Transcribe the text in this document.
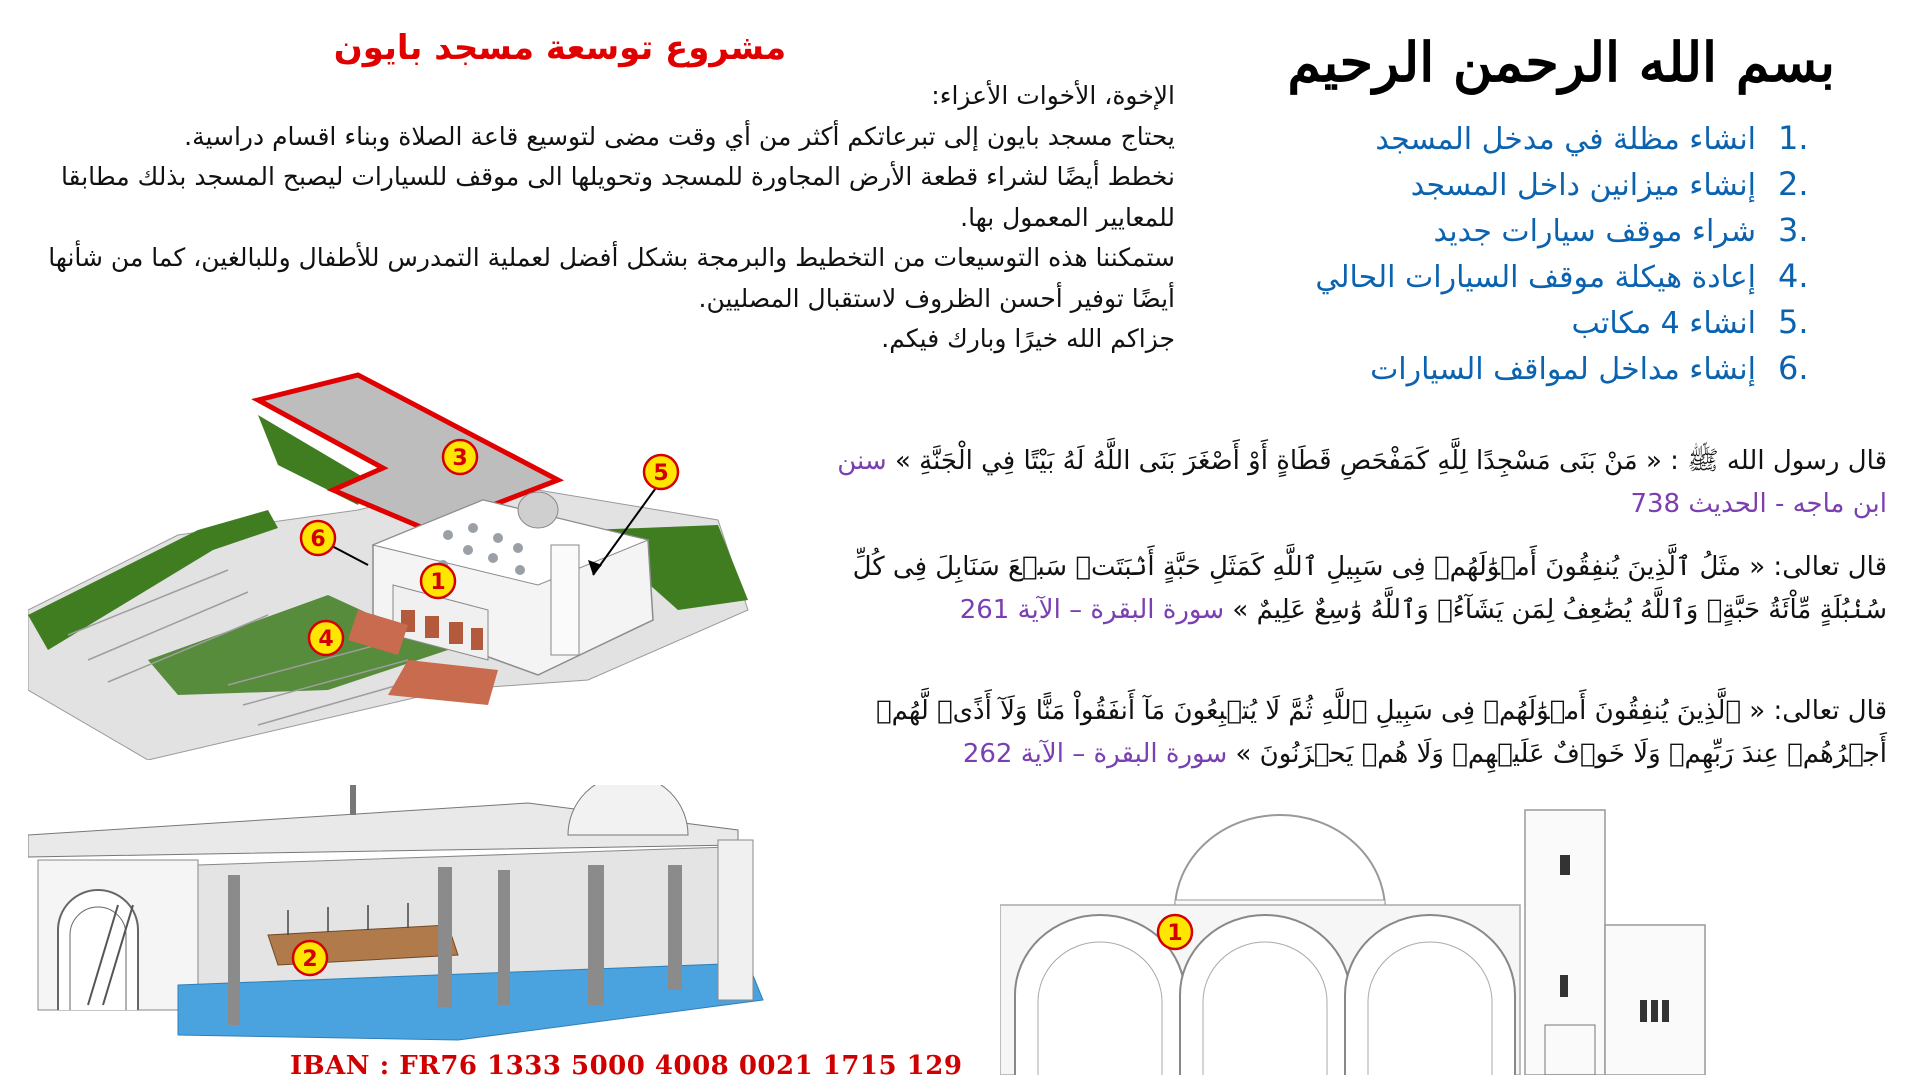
بسم الله الرحمن الرحيم
مشروع توسعة مسجد بايون

الإخوة، الأخوات الأعزاء:

يحتاج مسجد بايون إلى تبرعاتكم أكثر من أي وقت مضى لتوسيع قاعة الصلاة وبناء اقسام دراسية.

نخطط أيضًا لشراء قطعة الأرض المجاورة للمسجد وتحويلها الى موقف للسيارات ليصبح المسجد بذلك مطابقا للمعايير المعمول بها.

ستمكننا هذه التوسيعات من التخطيط والبرمجة بشكل أفضل لعملية التمدرس للأطفال وللبالغين، كما من شأنها أيضًا توفير أحسن الظروف لاستقبال المصليين.

جزاكم الله خيرًا وبارك فيكم.

1.
انشاء مظلة في مدخل المسجد
2.
إنشاء ميزانين داخل المسجد
3.
شراء موقف سيارات جديد
4.
إعادة هيكلة موقف السيارات الحالي
5.
انشاء 4 مكاتب
6.
إنشاء مداخل لمواقف السيارات
قال رسول الله ﷺ : « مَنْ بَنَى مَسْجِدًا لِلَّهِ كَمَفْحَصِ قَطَاةٍ أَوْ أَصْغَرَ بَنَى اللَّهُ لَهُ بَيْتًا فِي الْجَنَّةِ » سنن ابن ماجه - الحديث 738
قال تعالى: « مثَلُ ٱلَّذِينَ يُنفِقُونَ أَمۡوَٰلَهُمۡ فِى سَبِيلِ ٱللَّهِ كَمَثَلِ حَبَّةٍ أَنۢبَتَتۡ سَبۡعَ سَنَابِلَ فِى كُلِّ سُنۢبُلَةٍ مِّاْئَةُ حَبَّةٍۗ وَٱللَّهُ يُضَٰعِفُ لِمَن يَشَآءُۗ وَٱللَّهُ وَٰسِعٌ عَلِيمٌ » سورة البقرة – الآية 261
قال تعالى: « ٱلَّذِينَ يُنفِقُونَ أَمۡوَٰلَهُمۡ فِى سَبِيلِ ٱللَّهِ ثُمَّ لَا يُتۡبِعُونَ مَآ أَنفَقُواْ مَنًّا وَلَآ أَذًىۙ لَّهُمۡ أَجۡرُهُمۡ عِندَ رَبِّهِمۡ وَلَا خَوۡفٌ عَلَيۡهِمۡ وَلَا هُمۡ يَحۡزَنُونَ » سورة البقرة – الآية 262
3
5
6
1
4
2
1
IBAN : FR76 1333 5000 4008 0021 1715 129
